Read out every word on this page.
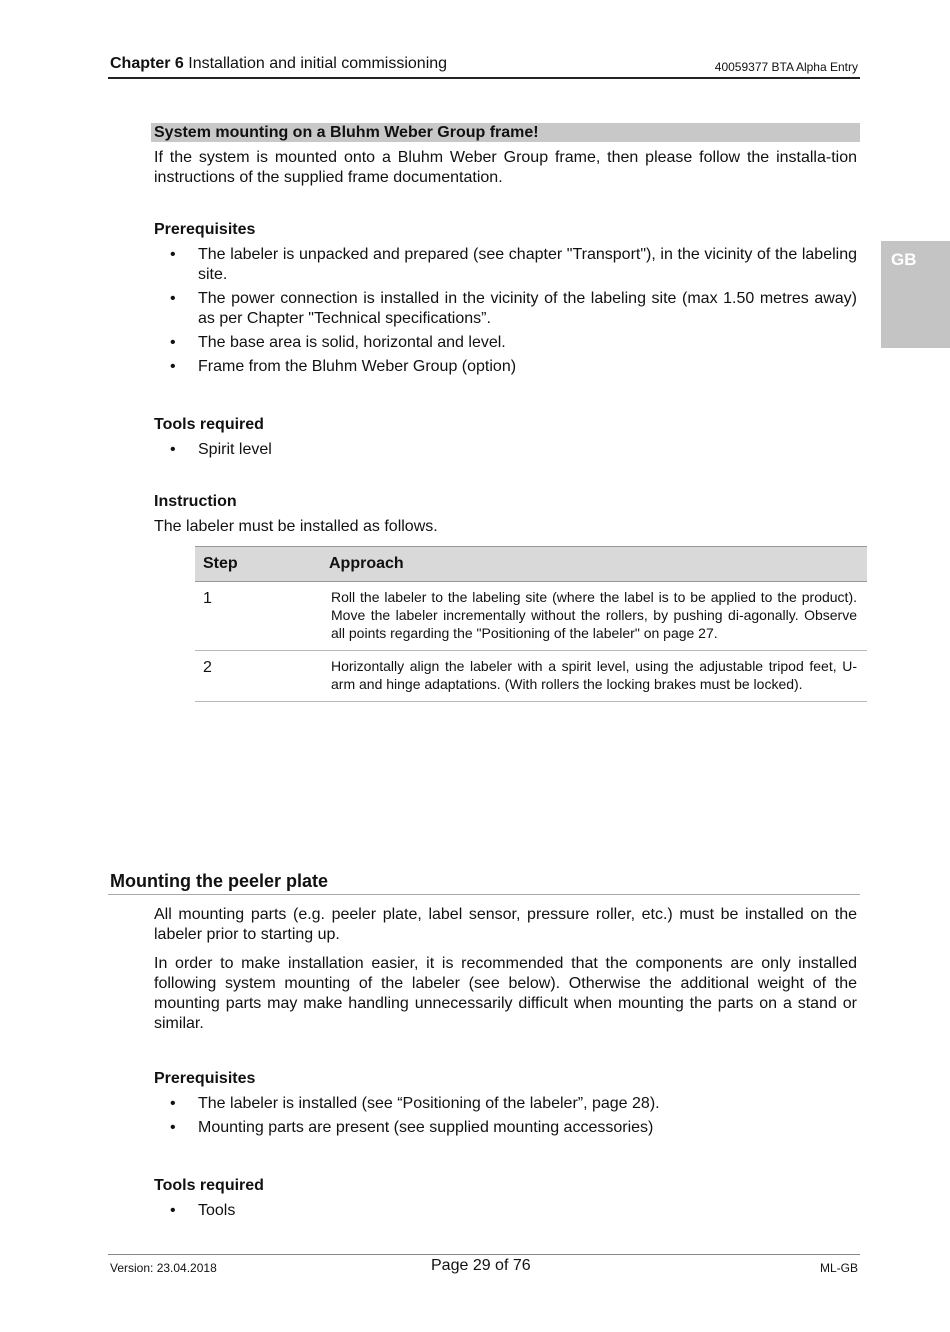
Chapter 6 Installation and initial commissioning	40059377 BTA Alpha Entry
GB
System mounting on a Bluhm Weber Group frame!
If the system is mounted onto a Bluhm Weber Group frame, then please follow the installa-tion instructions of the supplied frame documentation.
Prerequisites
• The labeler is unpacked and prepared (see chapter "Transport"), in the vicinity of the labeling site.
• The power connection is installed in the vicinity of the labeling site (max 1.50 metres away) as per Chapter "Technical specifications”.
• The base area is solid, horizontal and level.
• Frame from the Bluhm Weber Group (option)
Tools required
• Spirit level
Instruction
The labeler must be installed as follows.
Step	Approach
1	Roll the labeler to the labeling site (where the label is to be applied to the product). Move the labeler incrementally without the rollers, by pushing di-agonally. Observe all points regarding the "Positioning of the labeler" on page 27.
2	Horizontally align the labeler with a spirit level, using the adjustable tripod feet, U-arm and hinge adaptations. (With rollers the locking brakes must be locked).
Mounting the peeler plate
All mounting parts (e.g. peeler plate, label sensor, pressure roller, etc.) must be installed on the labeler prior to starting up.
In order to make installation easier, it is recommended that the components are only installed following system mounting of the labeler (see below). Otherwise the additional weight of the mounting parts may make handling unnecessarily difficult when mounting the parts on a stand or similar.
Prerequisites
• The labeler is installed (see “Positioning of the labeler”, page 28).
• Mounting parts are present (see supplied mounting accessories)
Tools required
• Tools
Version: 23.04.2018	Page 29 of 76	ML-GB
